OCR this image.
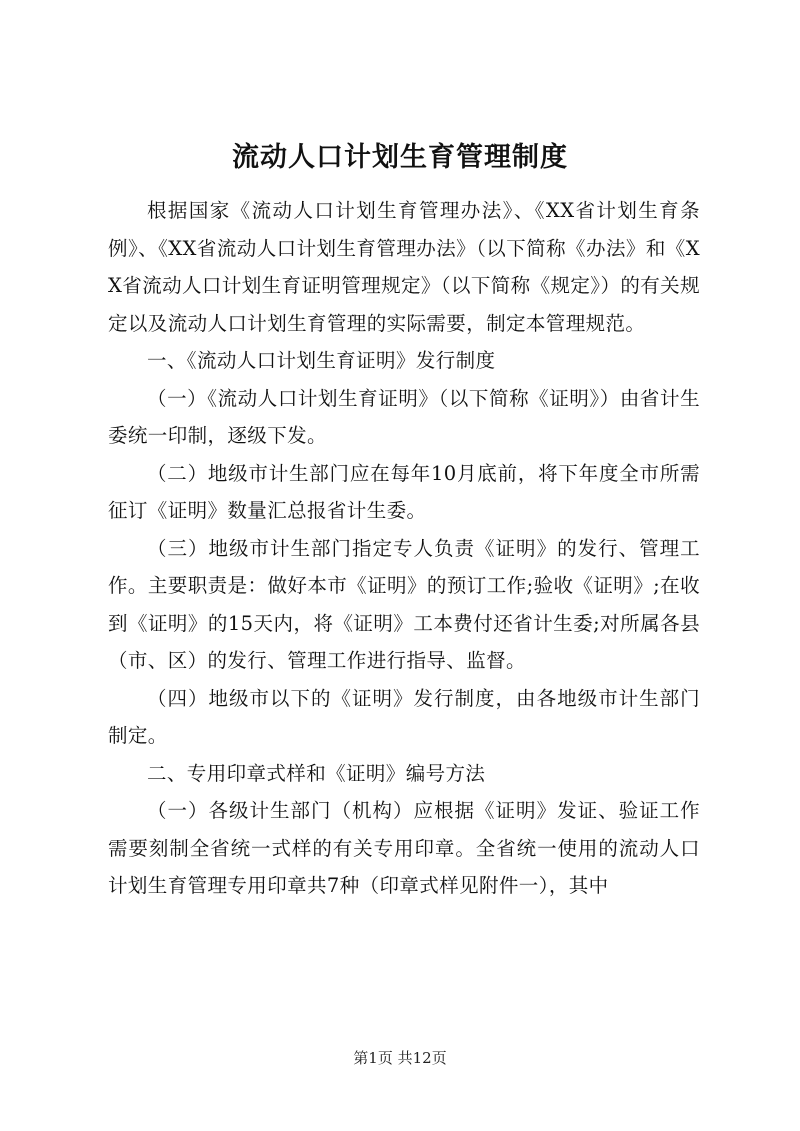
流动人口计划生育管理制度

根据国家《流动人口计划生育管理办法》、《XX省计划生育条例》、《XX省流动人口计划生育管理办法》（以下简称《办法》和《XX省流动人口计划生育证明管理规定》（以下简称《规定》）的有关规定以及流动人口计划生育管理的实际需要，制定本管理规范。

一、《流动人口计划生育证明》发行制度

（一）《流动人口计划生育证明》（以下简称《证明》）由省计生委统一印制，逐级下发。

（二）地级市计生部门应在每年10月底前，将下年度全市所需征订《证明》数量汇总报省计生委。

（三）地级市计生部门指定专人负责《证明》的发行、管理工作。主要职责是：做好本市《证明》的预订工作;验收《证明》;在收到《证明》的15天内，将《证明》工本费付还省计生委;对所属各县（市、区）的发行、管理工作进行指导、监督。

（四）地级市以下的《证明》发行制度，由各地级市计生部门制定。

二、专用印章式样和《证明》编号方法

（一）各级计生部门（机构）应根据《证明》发证、验证工作需要刻制全省统一式样的有关专用印章。全省统一使用的流动人口计划生育管理专用印章共7种（印章式样见附件一），其中

第1页 共12页
